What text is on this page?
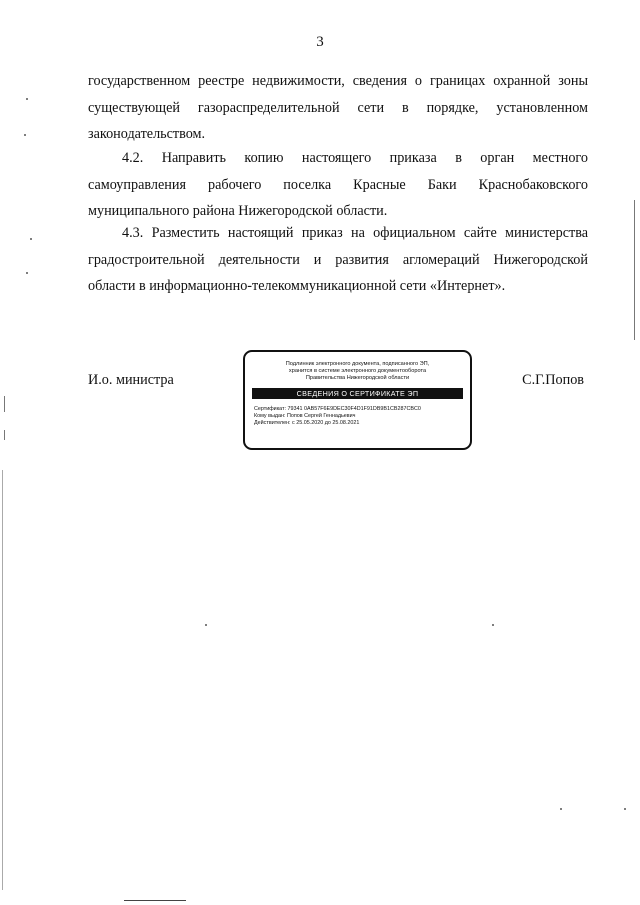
3
государственном реестре недвижимости, сведения о границах охранной зоны
существующей газораспределительной сети в порядке, установленном
законодательством.
4.2. Направить копию настоящего приказа в орган местного
самоуправления рабочего поселка Красные Баки Краснобаковского
муниципального района Нижегородской области.
4.3. Разместить настоящий приказ на официальном сайте министерства
градостроительной деятельности и развития агломераций Нижегородской
области в информационно-телекоммуникационной сети «Интернет».
И.о. министра
Подлинник электронного документа, подписанного ЭП,
хранится в системе электронного документооборота
Правительства Нижегородской области
СВЕДЕНИЯ О СЕРТИФИКАТЕ ЭП
Сертификат: 79341 0AB57F6E9DEC30F4D1F91DB9B1CB287CBC0
Кому выдан: Попов Сергей Геннадьевич
Действителен: с 25.05.2020 до 25.08.2021
С.Г.Попов
